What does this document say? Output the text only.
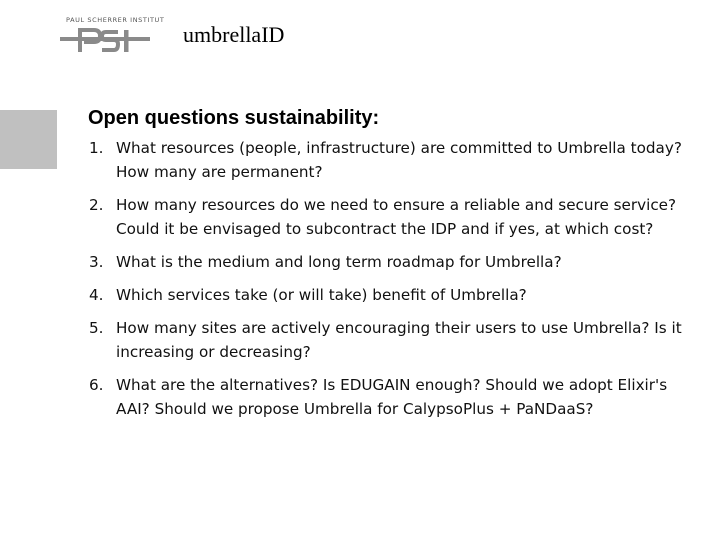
PAUL SCHERRER INSTITUT
umbrellaID
Open questions sustainability:
1. What resources (people, infrastructure) are committed to Umbrella today? How many are permanent?
2. How many resources do we need to ensure a reliable and secure service? Could it be envisaged to subcontract the IDP and if yes, at which cost?
3. What is the medium and long term roadmap for Umbrella?
4. Which services take (or will take) benefit of Umbrella?
5. How many sites are actively encouraging their users to use Umbrella? Is it increasing or decreasing?
6. What are the alternatives? Is EDUGAIN enough? Should we adopt Elixir's AAI? Should we propose Umbrella for CalypsoPlus + PaNDaaS?
